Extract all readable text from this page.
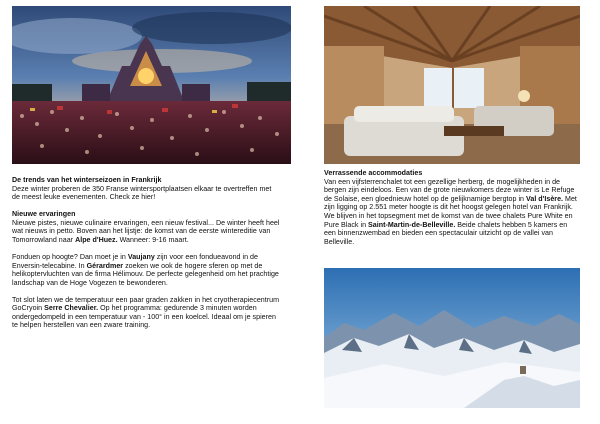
De trends van het winterseizoen in Frankrijk
Deze winter proberen de 350 Franse wintersportplaatsen elkaar te overtreffen met de meest leuke evenementen. Check ze hier!

Nieuwe ervaringen
Nieuwe pistes, nieuwe culinaire ervaringen, een nieuw festival... De winter heeft heel wat nieuws in petto. Boven aan het lijstje: de komst van de eerste wintereditie van Tomorrowland naar Alpe d'Huez. Wanneer: 9-16 maart.

Fonduen op hoogte? Dan moet je in Vaujany zijn voor een fondueavond in de Enversin-telecabine. In Gérardmer zoeken we ook de hogere sferen op met de helikoptervluchten van de firma Hélimouv. De perfecte gelegenheid om het prachtige landschap van de Hoge Vogezen te bewonderen.

Tot slot laten we de temperatuur een paar graden zakken in het cryotherapiecentrum GoCryoin Serre Chevalier. Op het programma: gedurende 3 minuten worden ondergedompeld in een temperatuur van - 100° in een koelcel. Ideaal om je spieren te helpen herstellen van een zware training.

Verrassende accommodaties
Van een vijfsterrenchalet tot een gezellige herberg, de mogelijkheden in de bergen zijn eindeloos. Een van de grote nieuwkomers deze winter is Le Refuge de Solaise, een gloednieuw hotel op de gelijknamige bergtop in Val d'Isère. Met zijn ligging op 2.551 meter hoogte is dit het hoogst gelegen hotel van Frankrijk. We blijven in het topsegment met de komst van de twee chalets Pure White en Pure Black in Saint-Martin-de-Belleville. Beide chalets hebben 5 kamers en een binnenzwembad en bieden een spectaculair uitzicht op de vallei van Belleville.
